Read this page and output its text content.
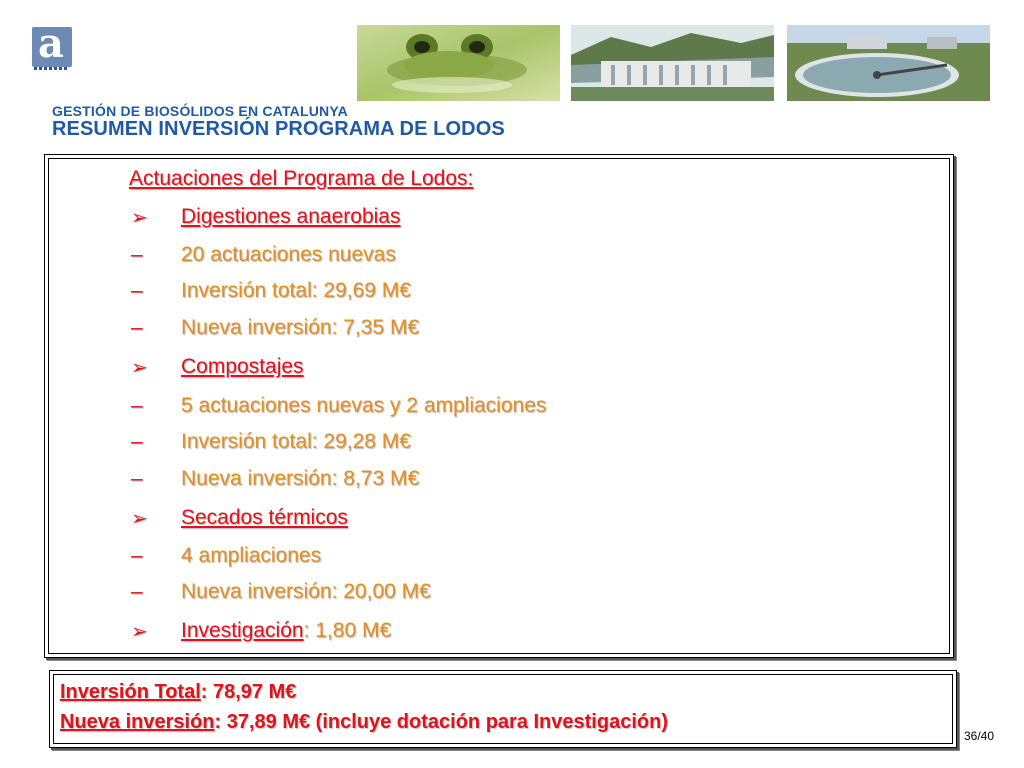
a
GESTIÓN DE BIOSÓLIDOS EN CATALUNYA
RESUMEN INVERSIÓN PROGRAMA DE LODOS
Actuaciones del Programa de Lodos:
➢ Digestiones anaerobias
– 20 actuaciones nuevas
– Inversión total: 29,69 M€
– Nueva inversión: 7,35 M€
➢ Compostajes
– 5 actuaciones nuevas y 2 ampliaciones
– Inversión total: 29,28 M€
– Nueva inversión: 8,73 M€
➢ Secados térmicos
– 4 ampliaciones
– Nueva inversión: 20,00 M€
➢ Investigación: 1,80 M€
Inversión Total: 78,97 M€
Nueva inversión: 37,89 M€ (incluye dotación para Investigación)
36/40
